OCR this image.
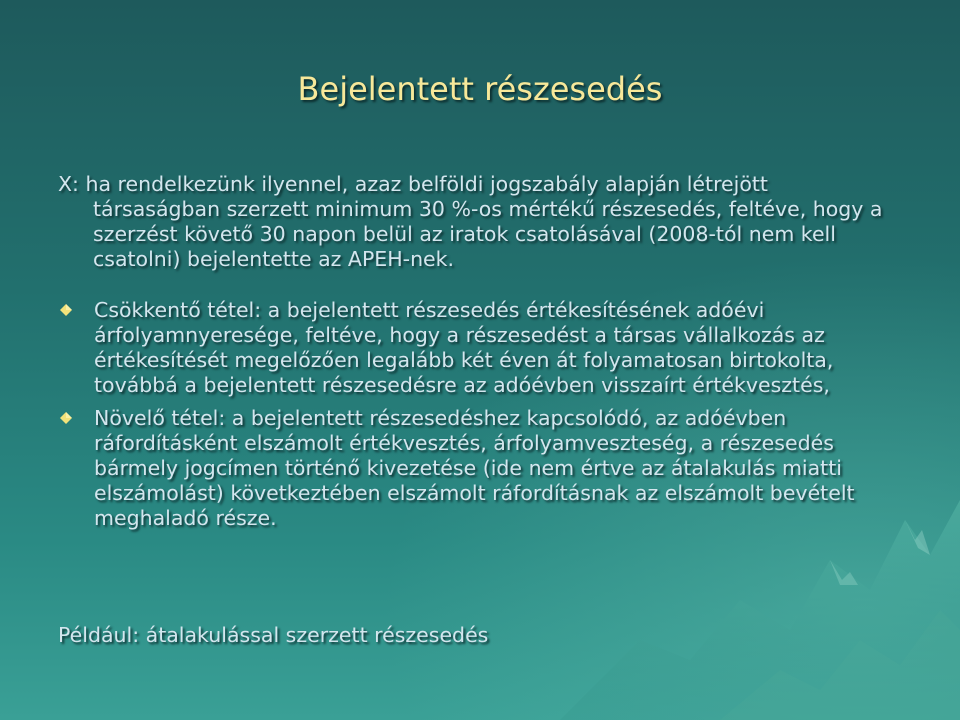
Bejelentett részesedés
X: ha rendelkezünk ilyennel, azaz belföldi jogszabály alapján létrejött
társaságban szerzett minimum 30 %-os mértékű részesedés, feltéve, hogy a szerzést követő 30 napon belül az iratok csatolásával (2008-tól nem kell csatolni) bejelentette az APEH-nek.
Csökkentő tétel: a bejelentett részesedés értékesítésének adóévi árfolyamnyeresége, feltéve, hogy a részesedést a társas vállalkozás az értékesítését megelőzően legalább két éven át folyamatosan birtokolta, továbbá a bejelentett részesedésre az adóévben visszaírt értékvesztés,
Növelő tétel: a bejelentett részesedéshez kapcsolódó, az adóévben ráfordításként elszámolt értékvesztés, árfolyamveszteség, a részesedés bármely jogcímen történő kivezetése (ide nem értve az átalakulás miatti elszámolást) következtében elszámolt ráfordításnak az elszámolt bevételt meghaladó része.
Például: átalakulással szerzett részesedés
